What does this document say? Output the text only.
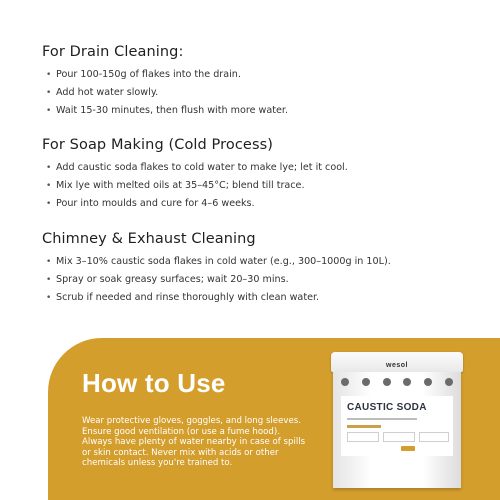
For Drain Cleaning:
• Pour 100-150g of flakes into the drain.
• Add hot water slowly.
• Wait 15-30 minutes, then flush with more water.
For Soap Making (Cold Process)
• Add caustic soda flakes to cold water to make lye; let it cool.
• Mix lye with melted oils at 35–45°C; blend till trace.
• Pour into moulds and cure for 4–6 weeks.
Chimney & Exhaust Cleaning
• Mix 3–10% caustic soda flakes in cold water (e.g., 300–1000g in 10L).
• Spray or soak greasy surfaces; wait 20–30 mins.
• Scrub if needed and rinse thoroughly with clean water.
How to Use

Wear protective gloves, goggles, and long sleeves. Ensure good ventilation (or use a fume hood). Always have plenty of water nearby in case of spills or skin contact. Never mix with acids or other chemicals unless you're trained to.

wesol
CAUSTIC SODA
